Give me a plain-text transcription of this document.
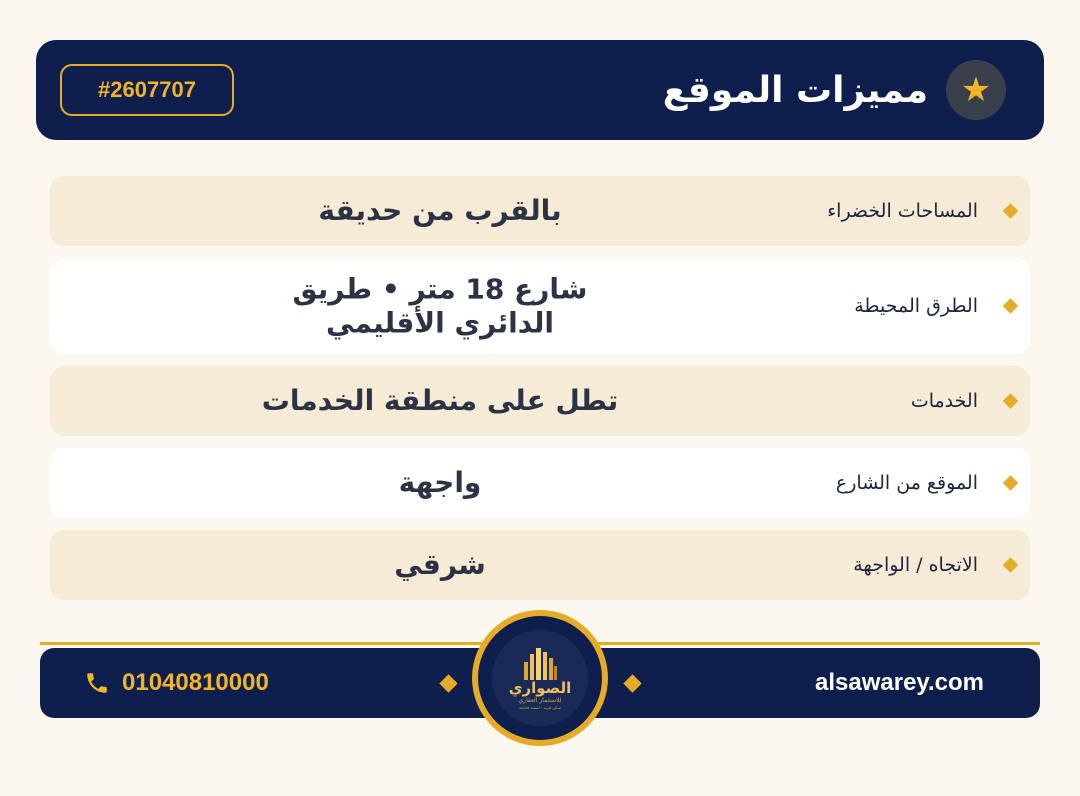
★
مميزات الموقع
#2607707
المساحات الخضراء
بالقرب من حديقة
الطرق المحيطة
شارع 18 متر • طريق الدائري الأقليمي
الخدمات
تطل على منطقة الخدمات
الموقع من الشارع
واجهة
الاتجاه / الواجهة
شرقي
01040810000	alsawarey.com
الصواري
للاستثمار العقاري
سكن فريد - لمسة فخامة
